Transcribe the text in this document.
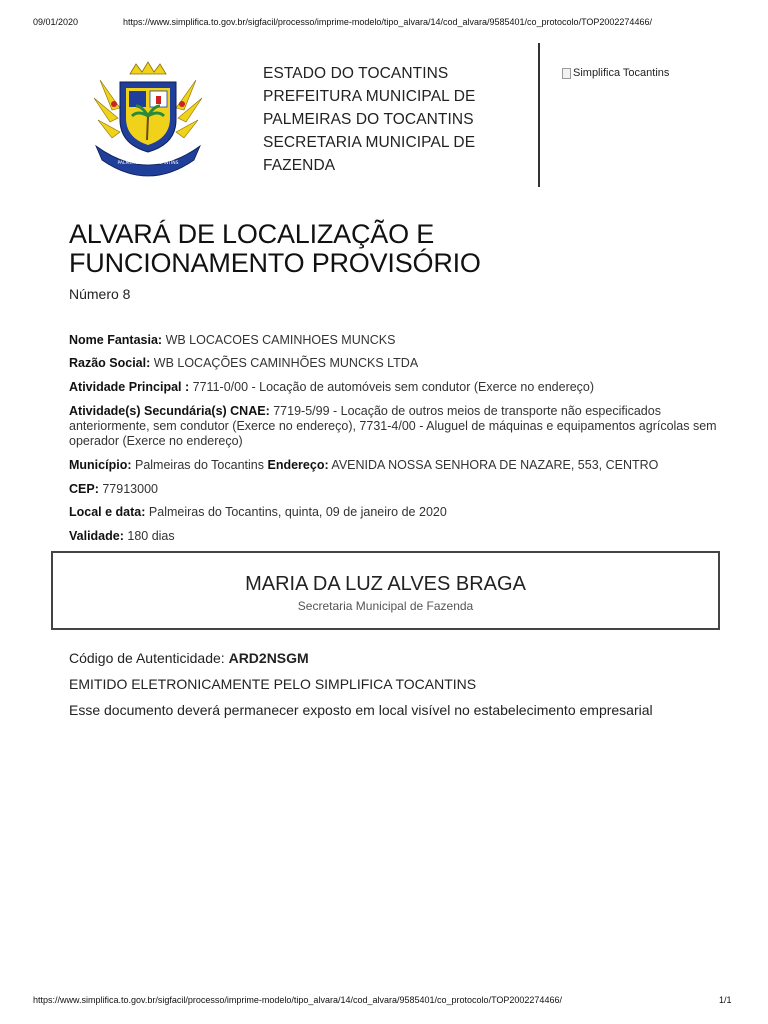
09/01/2020	https://www.simplifica.to.gov.br/sigfacil/processo/imprime-modelo/tipo_alvara/14/cod_alvara/9585401/co_protocolo/TOP2002274466/
PALMEIRAS DO TOCANTINS
ESTADO DO TOCANTINS
PREFEITURA MUNICIPAL DE
PALMEIRAS DO TOCANTINS
SECRETARIA MUNICIPAL DE
FAZENDA
Simplifica Tocantins
ALVARÁ DE LOCALIZAÇÃO E
FUNCIONAMENTO PROVISÓRIO
Número 8
Nome Fantasia: WB LOCACOES CAMINHOES MUNCKS
Razão Social: WB LOCAÇÕES CAMINHÕES MUNCKS LTDA
Atividade Principal : 7711-0/00 - Locação de automóveis sem condutor (Exerce no endereço)
Atividade(s) Secundária(s) CNAE: 7719-5/99 - Locação de outros meios de transporte não especificados anteriormente, sem condutor (Exerce no endereço), 7731-4/00 - Aluguel de máquinas e equipamentos agrícolas sem operador (Exerce no endereço)
Município: Palmeiras do Tocantins Endereço: AVENIDA NOSSA SENHORA DE NAZARE, 553, CENTRO
CEP: 77913000
Local e data: Palmeiras do Tocantins, quinta, 09 de janeiro de 2020
Validade: 180 dias
MARIA DA LUZ ALVES BRAGA
Secretaria Municipal de Fazenda
Código de Autenticidade: ARD2NSGM
EMITIDO ELETRONICAMENTE PELO SIMPLIFICA TOCANTINS
Esse documento deverá permanecer exposto em local visível no estabelecimento empresarial
https://www.simplifica.to.gov.br/sigfacil/processo/imprime-modelo/tipo_alvara/14/cod_alvara/9585401/co_protocolo/TOP2002274466/	1/1
